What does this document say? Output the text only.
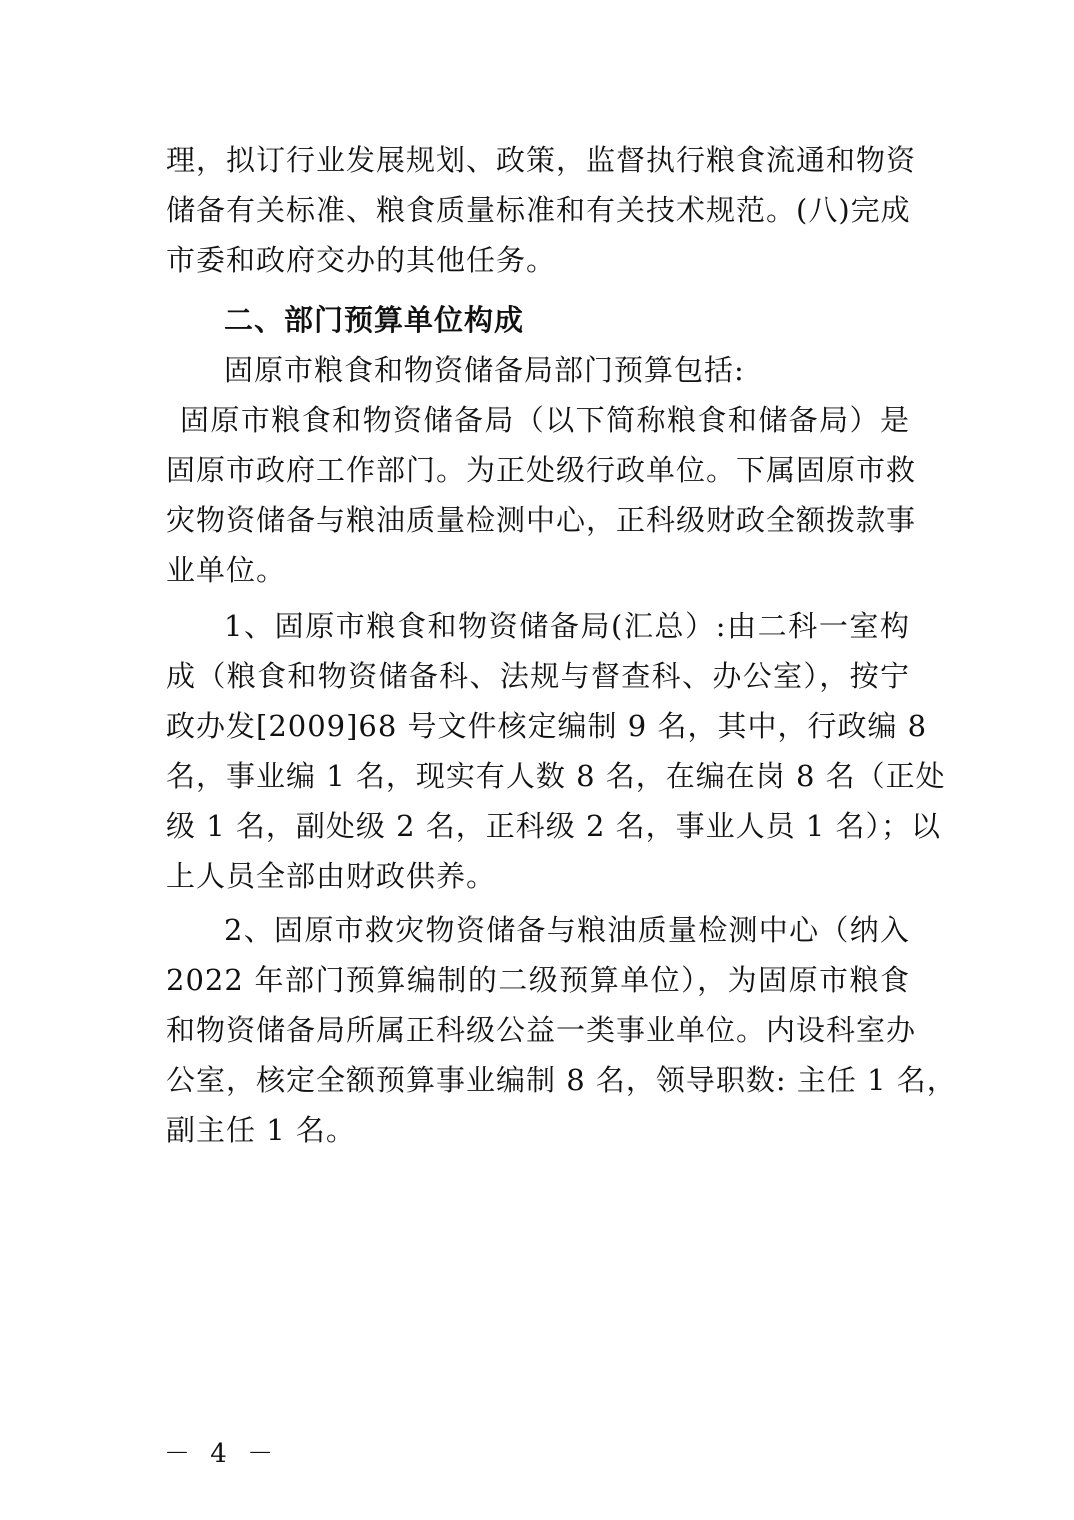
理，拟订行业发展规划、政策，监督执行粮食流通和物资
储备有关标准、粮食质量标准和有关技术规范。(八)完成
市委和政府交办的其他任务。
二、部门预算单位构成
固原市粮食和物资储备局部门预算包括:
固原市粮食和物资储备局（以下简称粮食和储备局）是
固原市政府工作部门。为正处级行政单位。下属固原市救
灾物资储备与粮油质量检测中心，正科级财政全额拨款事
业单位。
1、固原市粮食和物资储备局(汇总）:由二科一室构
成（粮食和物资储备科、法规与督查科、办公室），按宁
政办发[2009]68 号文件核定编制 9 名，其中，行政编 8
名，事业编 1 名，现实有人数 8 名，在编在岗 8 名（正处
级 1 名，副处级 2 名，正科级 2 名，事业人员 1 名）；以
上人员全部由财政供养。
2、固原市救灾物资储备与粮油质量检测中心（纳入
2022 年部门预算编制的二级预算单位），为固原市粮食
和物资储备局所属正科级公益一类事业单位。内设科室办
公室，核定全额预算事业编制 8 名，领导职数: 主任 1 名，
副主任 1 名。
－ 4 －
